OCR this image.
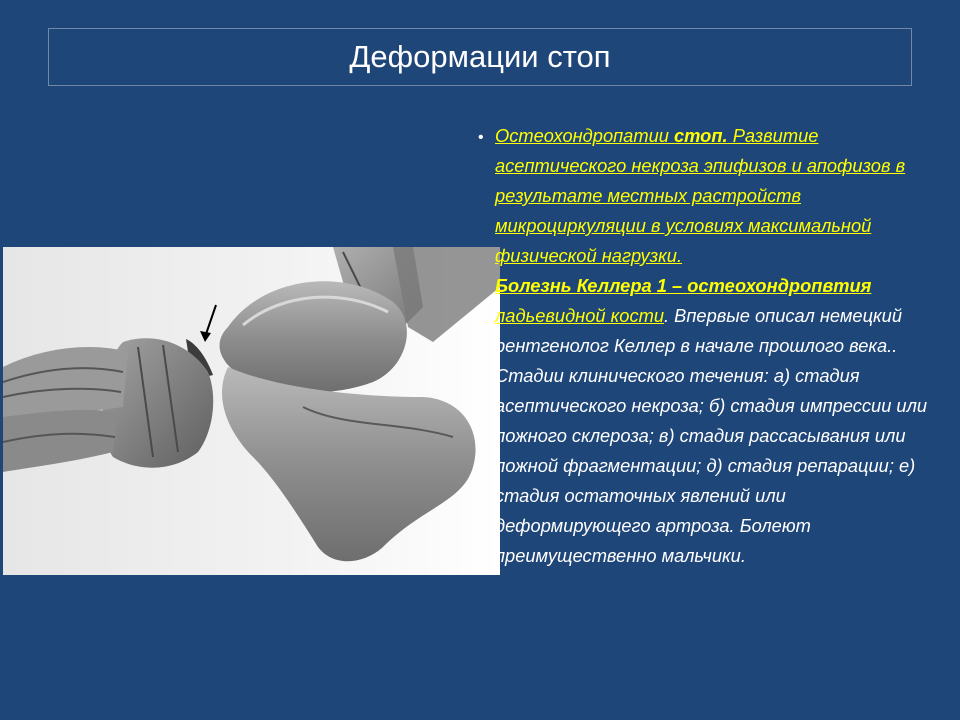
Деформации стоп
• Остеохондропатии стоп. Развитие асептического некроза эпифизов и апофизов в результате местных растройств микроциркуляции в условиях максимальной физической нагрузки.
Болезнь Келлера 1 – остеохондропвтия ладьевидной кости. Впервые описал немецкий рентгенолог Келлер в начале прошлого века.. Стадии клинического течения: а) стадия асептического некроза; б) стадия импрессии или ложного склероза; в) стадия рассасывания или ложной фрагментации; д) стадия репарации; е) стадия остаточных явлений или деформирующего артроза. Болеют преимущественно мальчики.
